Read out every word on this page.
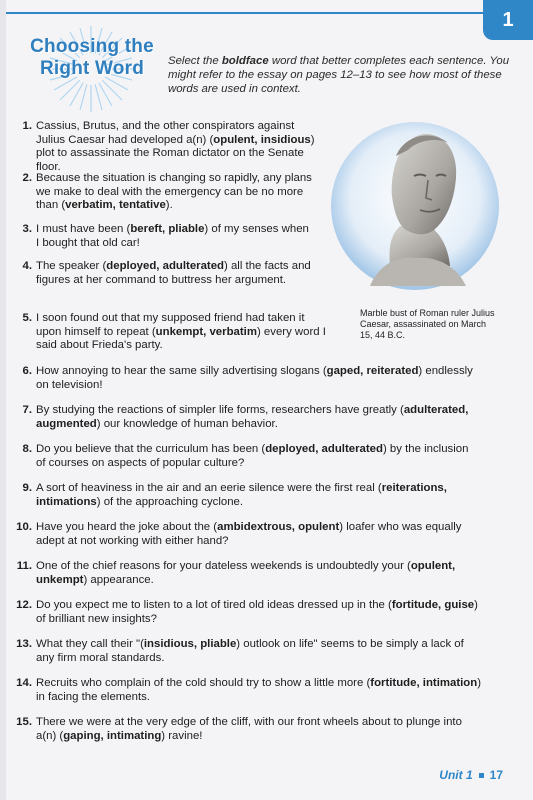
1
Choosing the
Right Word	Select the boldface word that better completes each sentence. You might refer to the essay on pages 12–13 to see how most of these words are used in context.

Marble bust of Roman ruler Julius Caesar, assassinated on March 15, 44 B.C.

1. Cassius, Brutus, and the other conspirators against Julius Caesar had developed a(n) (opulent, insidious) plot to assassinate the Roman dictator on the Senate floor.
2. Because the situation is changing so rapidly, any plans we make to deal with the emergency can be no more than (verbatim, tentative).
3. I must have been (bereft, pliable) of my senses when I bought that old car!
4. The speaker (deployed, adulterated) all the facts and figures at her command to buttress her argument.
5. I soon found out that my supposed friend had taken it upon himself to repeat (unkempt, verbatim) every word I said about Frieda's party.
6. How annoying to hear the same silly advertising slogans (gaped, reiterated) endlessly on television!
7. By studying the reactions of simpler life forms, researchers have greatly (adulterated, augmented) our knowledge of human behavior.
8. Do you believe that the curriculum has been (deployed, adulterated) by the inclusion of courses on aspects of popular culture?
9. A sort of heaviness in the air and an eerie silence were the first real (reiterations, intimations) of the approaching cyclone.
10. Have you heard the joke about the (ambidextrous, opulent) loafer who was equally adept at not working with either hand?
11. One of the chief reasons for your dateless weekends is undoubtedly your (opulent, unkempt) appearance.
12. Do you expect me to listen to a lot of tired old ideas dressed up in the (fortitude, guise) of brilliant new insights?
13. What they call their "(insidious, pliable) outlook on life" seems to be simply a lack of any firm moral standards.
14. Recruits who complain of the cold should try to show a little more (fortitude, intimation) in facing the elements.
15. There we were at the very edge of the cliff, with our front wheels about to plunge into a(n) (gaping, intimating) ravine!
Unit 1 17
